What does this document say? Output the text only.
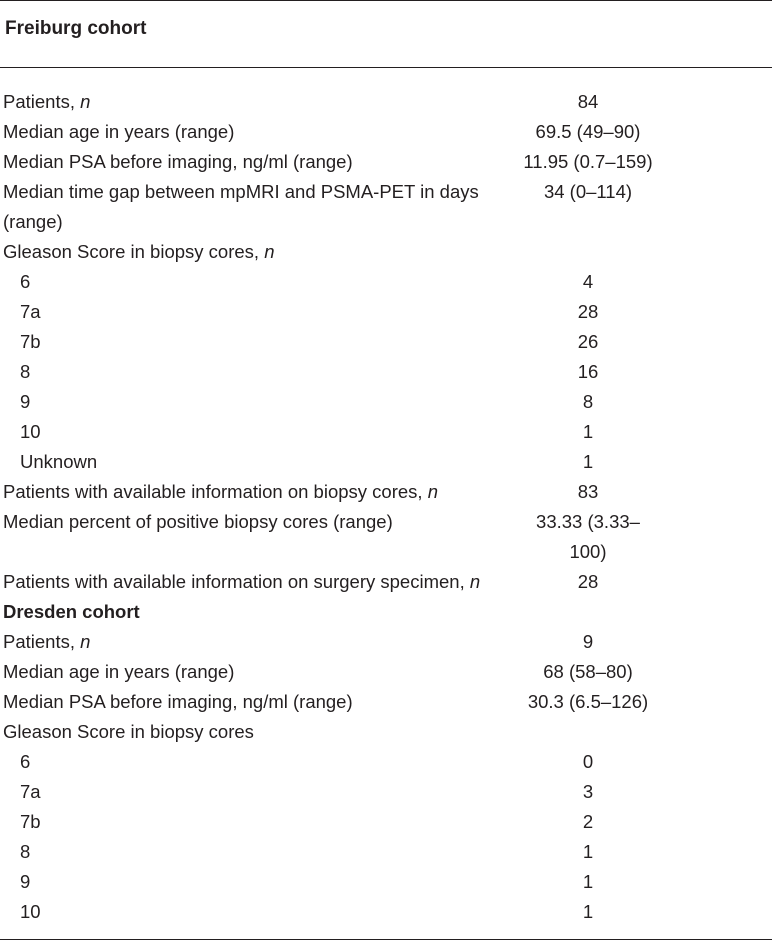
Freiburg cohort
Patients, n	84
Median age in years (range)	69.5 (49–90)
Median PSA before imaging, ng/ml (range)	11.95 (0.7–159)
Median time gap between mpMRI and PSMA-PET in days	34 (0–114)
(range)
Gleason Score in biopsy cores, n
6	4
7a	28
7b	26
8	16
9	8
10	1
Unknown	1
Patients with available information on biopsy cores, n	83
Median percent of positive biopsy cores (range)	33.33 (3.33–
100)
Patients with available information on surgery specimen, n	28
Dresden cohort
Patients, n	9
Median age in years (range)	68 (58–80)
Median PSA before imaging, ng/ml (range)	30.3 (6.5–126)
Gleason Score in biopsy cores
6	0
7a	3
7b	2
8	1
9	1
10	1
